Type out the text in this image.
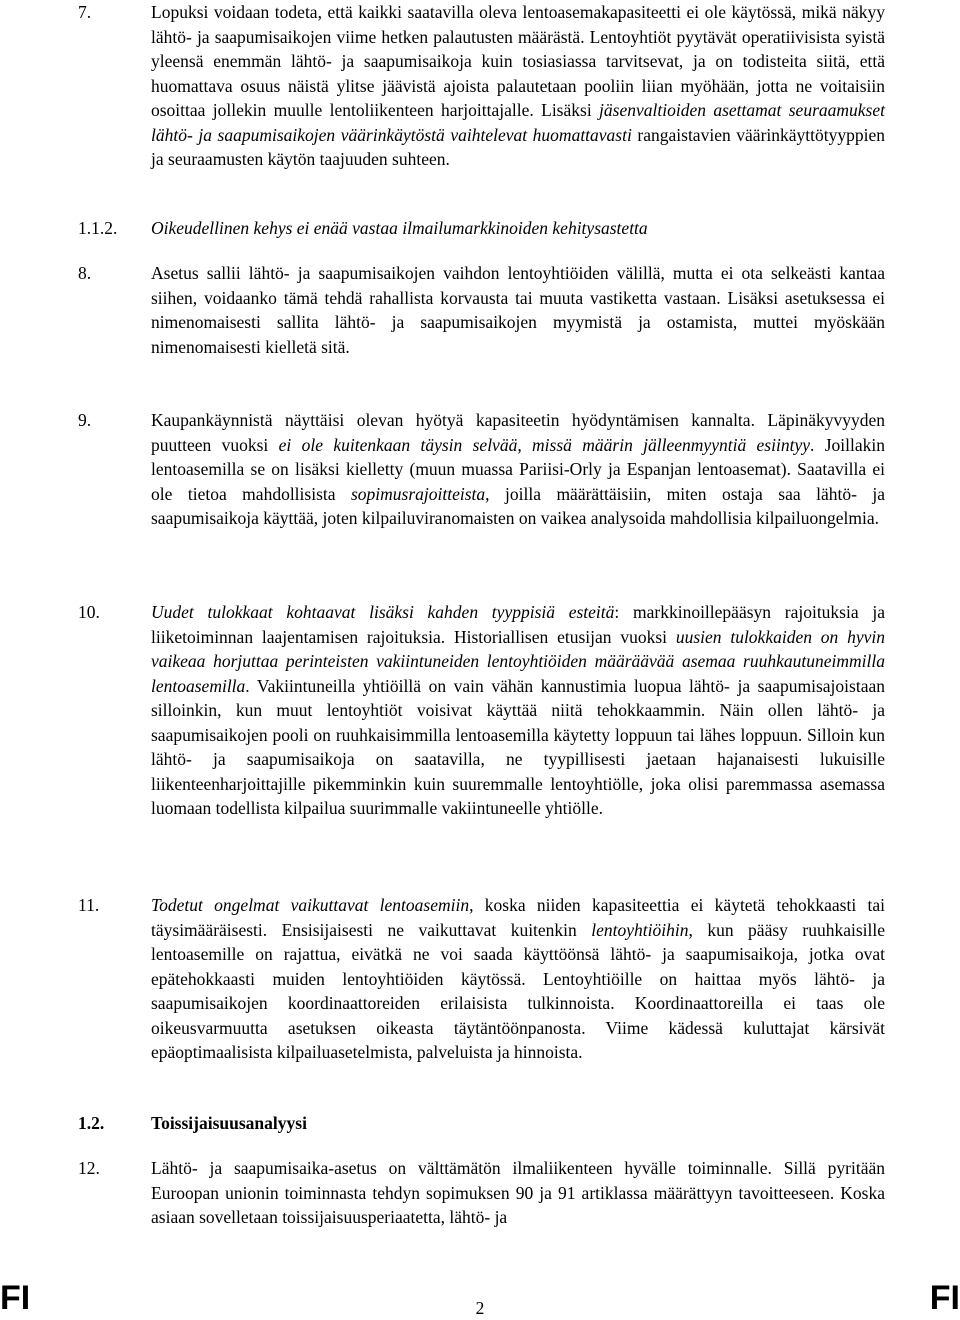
7.	Lopuksi voidaan todeta, että kaikki saatavilla oleva lentoasemakapasiteetti ei ole käytössä, mikä näkyy lähtö- ja saapumisaikojen viime hetken palautusten määrästä. Lentoyhtiöt pyytävät operatiivisista syistä yleensä enemmän lähtö- ja saapumisaikoja kuin tosiasiassa tarvitsevat, ja on todisteita siitä, että huomattava osuus näistä ylitse jäävistä ajoista palautetaan pooliin liian myöhään, jotta ne voitaisiin osoittaa jollekin muulle lentoliikenteen harjoittajalle. Lisäksi jäsenvaltioiden asettamat seuraamukset lähtö- ja saapumisaikojen väärinkäytöstä vaihtelevat huomattavasti rangaistavien väärinkäyttötyyppien ja seuraamusten käytön taajuuden suhteen.
1.1.2.	Oikeudellinen kehys ei enää vastaa ilmailumarkkinoiden kehitysastetta
8.	Asetus sallii lähtö- ja saapumisaikojen vaihdon lentoyhtiöiden välillä, mutta ei ota selkeästi kantaa siihen, voidaanko tämä tehdä rahallista korvausta tai muuta vastiketta vastaan. Lisäksi asetuksessa ei nimenomaisesti sallita lähtö- ja saapumisaikojen myymistä ja ostamista, muttei myöskään nimenomaisesti kielletä sitä.
9.	Kaupankäynnistä näyttäisi olevan hyötyä kapasiteetin hyödyntämisen kannalta. Läpinäkyvyyden puutteen vuoksi ei ole kuitenkaan täysin selvää, missä määrin jälleenmyyntiä esiintyy. Joillakin lentoasemilla se on lisäksi kielletty (muun muassa Pariisi-Orly ja Espanjan lentoasemat). Saatavilla ei ole tietoa mahdollisista sopimusrajoitteista, joilla määrättäisiin, miten ostaja saa lähtö- ja saapumisaikoja käyttää, joten kilpailuviranomaisten on vaikea analysoida mahdollisia kilpailuongelmia.
10.	Uudet tulokkaat kohtaavat lisäksi kahden tyyppisiä esteitä: markkinoillepääsyn rajoituksia ja liiketoiminnan laajentamisen rajoituksia. Historiallisen etusijan vuoksi uusien tulokkaiden on hyvin vaikeaa horjuttaa perinteisten vakiintuneiden lentoyhtiöiden määräävää asemaa ruuhkautuneimmilla lentoasemilla. Vakiintuneilla yhtiöillä on vain vähän kannustimia luopua lähtö- ja saapumisajoistaan silloinkin, kun muut lentoyhtiöt voisivat käyttää niitä tehokkaammin. Näin ollen lähtö- ja saapumisaikojen pooli on ruuhkaisimmilla lentoasemilla käytetty loppuun tai lähes loppuun. Silloin kun lähtö- ja saapumisaikoja on saatavilla, ne tyypillisesti jaetaan hajanaisesti lukuisille liikenteenharjoittajille pikemminkin kuin suuremmalle lentoyhtiölle, joka olisi paremmassa asemassa luomaan todellista kilpailua suurimmalle vakiintuneelle yhtiölle.
11.	Todetut ongelmat vaikuttavat lentoasemiin, koska niiden kapasiteettia ei käytetä tehokkaasti tai täysimääräisesti. Ensisijaisesti ne vaikuttavat kuitenkin lentoyhtiöihin, kun pääsy ruuhkaisille lentoasemille on rajattua, eivätkä ne voi saada käyttöönsä lähtö- ja saapumisaikoja, jotka ovat epätehokkaasti muiden lentoyhtiöiden käytössä. Lentoyhtiöille on haittaa myös lähtö- ja saapumisaikojen koordinaattoreiden erilaisista tulkinnoista. Koordinaattoreilla ei taas ole oikeusvarmuutta asetuksen oikeasta täytäntöönpanosta. Viime kädessä kuluttajat kärsivät epäoptimaalisista kilpailuasetelmista, palveluista ja hinnoista.
1.2.	Toissijaisuusanalyysi
12.	Lähtö- ja saapumisaika-asetus on välttämätön ilmaliikenteen hyvälle toiminnalle. Sillä pyritään Euroopan unionin toiminnasta tehdyn sopimuksen 90 ja 91 artiklassa määrättyyn tavoitteeseen. Koska asiaan sovelletaan toissijaisuusperiaatetta, lähtö- ja
FI	2	FI
